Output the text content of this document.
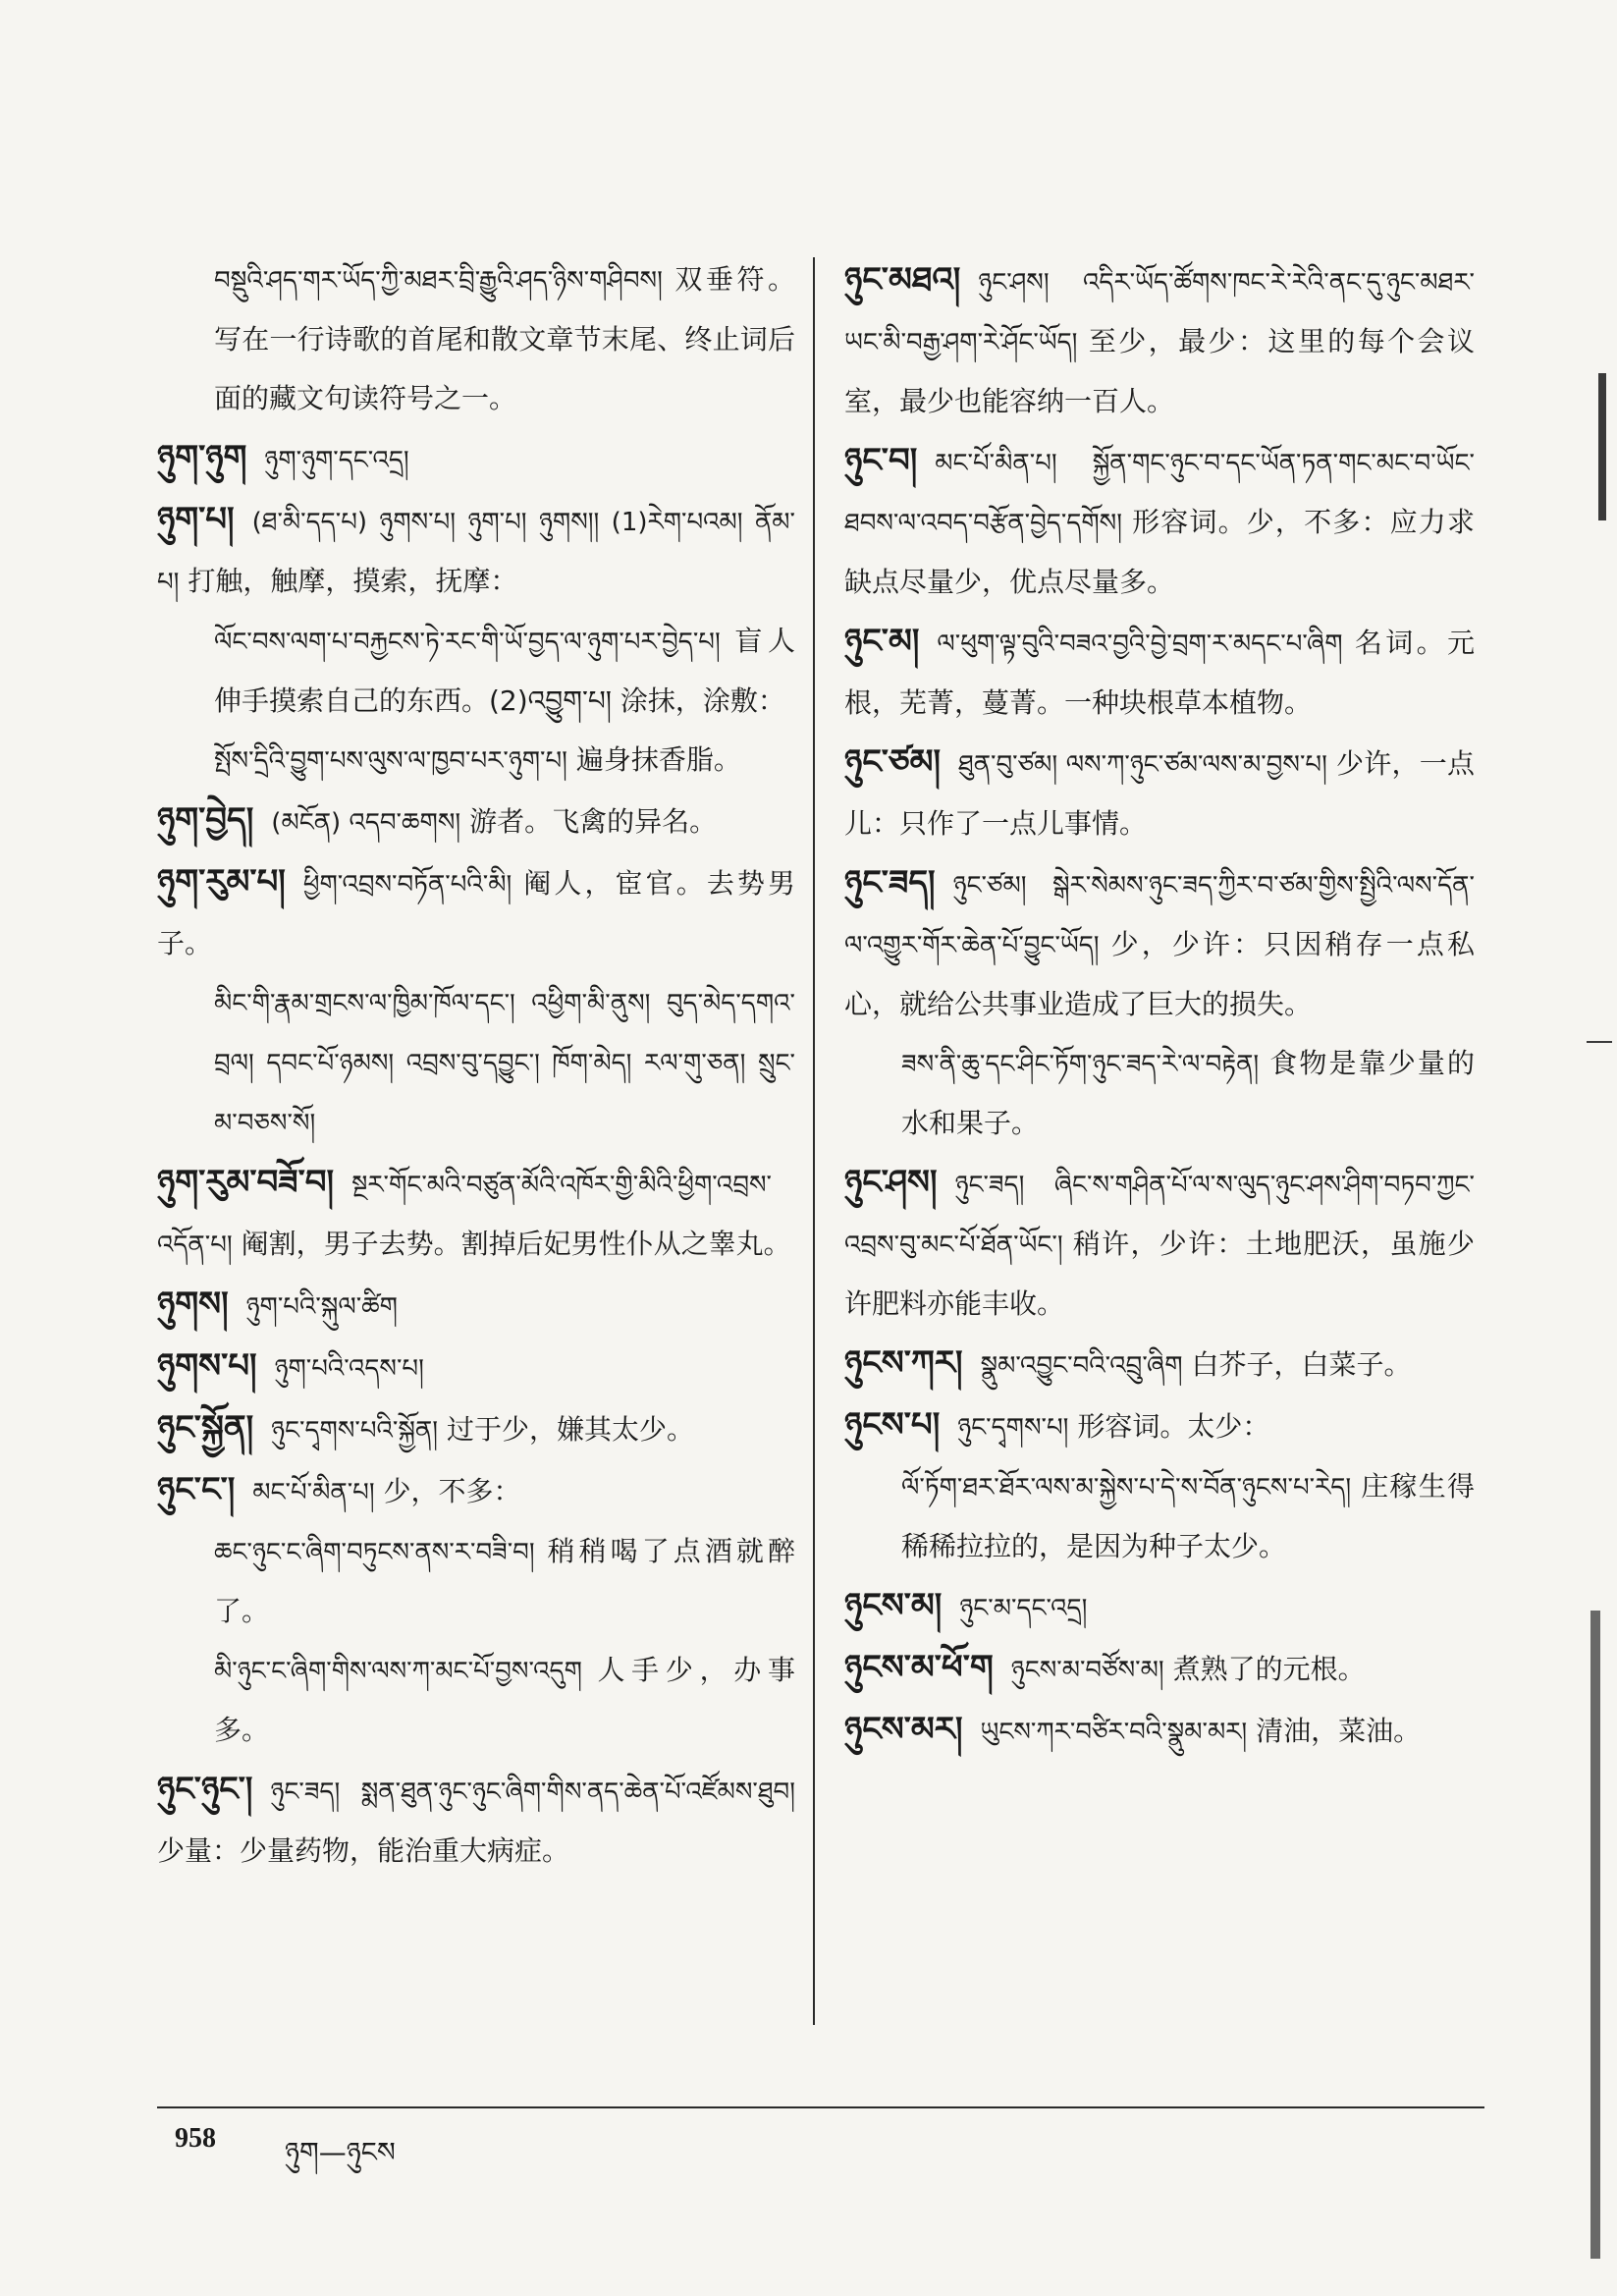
བསྡུའི་ཤད་གར་ཡོད་ཀྱི་མཐར་བྲི་རྒྱུའི་ཤད་ཉིས་གཤིབས། 双垂符。写在一行诗歌的首尾和散文章节末尾、终止词后面的藏文句读符号之一。

ཉུག་ཉུག ཉུག་ཉུག་དང་འདྲ།

ཉུག་པ། (ཐ་མི་དད་པ) ཉུགས་པ། ཉུག་པ། ཉུགས།། (1)རེག་པའམ། ནོམ་པ། 打触，触摩，摸索，抚摩：

ལོང་བས་ལག་པ་བརྐྱངས་ཏེ་རང་གི་ཡོ་བྱད་ལ་ཉུག་པར་བྱེད་པ། 盲人伸手摸索自己的东西。(2)འབྱུག་པ། 涂抹，涂敷：

སྤོས་དྲིའི་བྱུག་པས་ལུས་ལ་ཁྱབ་པར་ཉུག་པ། 遍身抹香脂。

ཉུག་བྱེད། (མངོན) འདབ་ཆགས། 游者。飞禽的异名。

ཉུག་རུམ་པ། ཕྱིག་འབྲས་བཏོན་པའི་མི། 阉人，宦官。去势男子。

མིང་གི་རྣམ་གྲངས་ལ་ཁྱིམ་ཁོལ་དང་། འཕྱིག་མི་ནུས། བུད་མེད་དགའ་བྲལ། དབང་པོ་ཉམས། འབྲས་བུ་དབྱུང་། ཁོག་མེད། རལ་གུ་ཅན། སྲུང་མ་བཅས་སོ།

ཉུག་རུམ་བཟོ་བ། སྔར་གོང་མའི་བཙུན་མོའི་འཁོར་གྱི་མིའི་ཕྱིག་འབྲས་འདོན་པ། 阉割，男子去势。割掉后妃男性仆从之睾丸。

ཉུགས། ཉུག་པའི་སྐུལ་ཚིག

ཉུགས་པ། ཉུག་པའི་འདས་པ།

ཉུང་སྐྱོན། ཉུང་དྭགས་པའི་སྐྱོན། 过于少，嫌其太少。

ཉུང་ང་། མང་པོ་མིན་པ། 少，不多：

ཆང་ཉུང་ང་ཞིག་བཏུངས་ནས་ར་བཟི་བ། 稍稍喝了点酒就醉了。

མི་ཉུང་ང་ཞིག་གིས་ལས་ཀ་མང་པོ་བྱས་འདུག 人手少，办事多。

ཉུང་ཉུང་། ཉུང་ཟད། སྨན་ཐུན་ཉུང་ཉུང་ཞིག་གིས་ནད་ཆེན་པོ་འཛོམས་ཐུབ། 少量：少量药物，能治重大病症。

ཉུང་མཐའ། ཉུང་ཤས། འདིར་ཡོད་ཚོགས་ཁང་རེ་རེའི་ནང་དུ་ཉུང་མཐར་ཡང་མི་བརྒྱ་ཤག་རེ་ཤོང་ཡོད། 至少，最少：这里的每个会议室，最少也能容纳一百人。

ཉུང་བ། མང་པོ་མིན་པ། སྐྱོན་གང་ཉུང་བ་དང་ཡོན་ཏན་གང་མང་བ་ཡོང་ཐབས་ལ་འབད་བརྩོན་བྱེད་དགོས། 形容词。少，不多：应力求缺点尽量少，优点尽量多。

ཉུང་མ། ལ་ཕུག་ལྟ་བུའི་བཟའ་བྱའི་བྱེ་བྲག་ར་མདང་པ་ཞིག 名词。元根，芜菁，蔓菁。一种块根草本植物。

ཉུང་ཙམ། ཐུན་བུ་ཙམ། ལས་ཀ་ཉུང་ཙམ་ལས་མ་བྱས་པ། 少许，一点儿：只作了一点儿事情。

ཉུང་ཟད། ཉུང་ཙམ། སྒེར་སེམས་ཉུང་ཟད་ཀྱིར་བ་ཙམ་གྱིས་སྤྱིའི་ལས་དོན་ལ་འགྱུར་གོར་ཆེན་པོ་བྱུང་ཡོད། 少，少许：只因稍存一点私心，就给公共事业造成了巨大的损失。

ཟས་ནི་ཆུ་དང་ཤིང་ཏོག་ཉུང་ཟད་རེ་ལ་བརྟེན། 食物是靠少量的水和果子。

ཉུང་ཤས། ཉུང་ཟད། ཞིང་ས་གཤིན་པོ་ལ་ས་ལུད་ཉུང་ཤས་ཤིག་བཏབ་ཀྱང་འབྲས་བུ་མང་པོ་ཐོན་ཡོང་། 稍许，少许：土地肥沃，虽施少许肥料亦能丰收。

ཉུངས་ཀར། སྣུམ་འབྱུང་བའི་འབྲུ་ཞིག 白芥子，白菜子。

ཉུངས་པ། ཉུང་དྭགས་པ། 形容词。太少：

ལོ་ཏོག་ཐར་ཐོར་ལས་མ་སྐྱེས་པ་དེ་ས་བོན་ཉུངས་པ་རེད། 庄稼生得稀稀拉拉的，是因为种子太少。

ཉུངས་མ། ཉུང་མ་དང་འདྲ།

ཉུངས་མ་ཕོ་ག ཉུངས་མ་བཙོས་མ། 煮熟了的元根。

ཉུངས་མར། ཡུངས་ཀར་བཙིར་བའི་སྣུམ་མར། 清油，菜油。

958	ཉུག—ཉུངས
